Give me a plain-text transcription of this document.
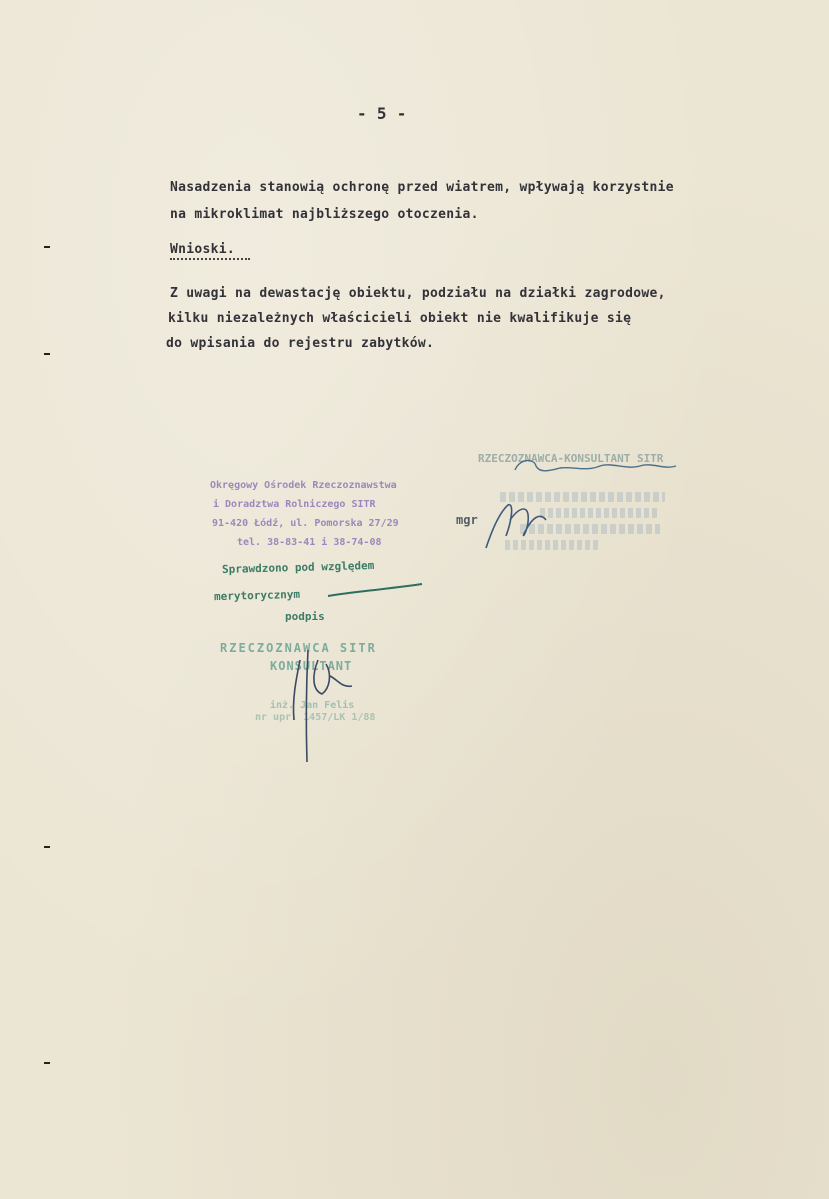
- 5 -
Nasadzenia stanowią ochronę przed wiatrem, wpływają korzystnie
na mikroklimat najbliższego otoczenia.
Wnioski.
Z uwagi na dewastację obiektu, podziału na działki zagrodowe,
kilku niezależnych właścicieli obiekt nie kwalifikuje się
do wpisania do rejestru zabytków.
Okręgowy Ośrodek Rzeczoznawstwa
i Doradztwa Rolniczego SITR
91-420 Łódź, ul. Pomorska 27/29
tel. 38-83-41 i 38-74-08
Sprawdzono pod względem
merytorycznym
podpis
RZECZOZNAWCA SITR
KONSULTANT
inż. Jan Felis
nr upr. 1457/LK 1/88
RZECZOZNAWCA-KONSULTANT SITR
mgr
